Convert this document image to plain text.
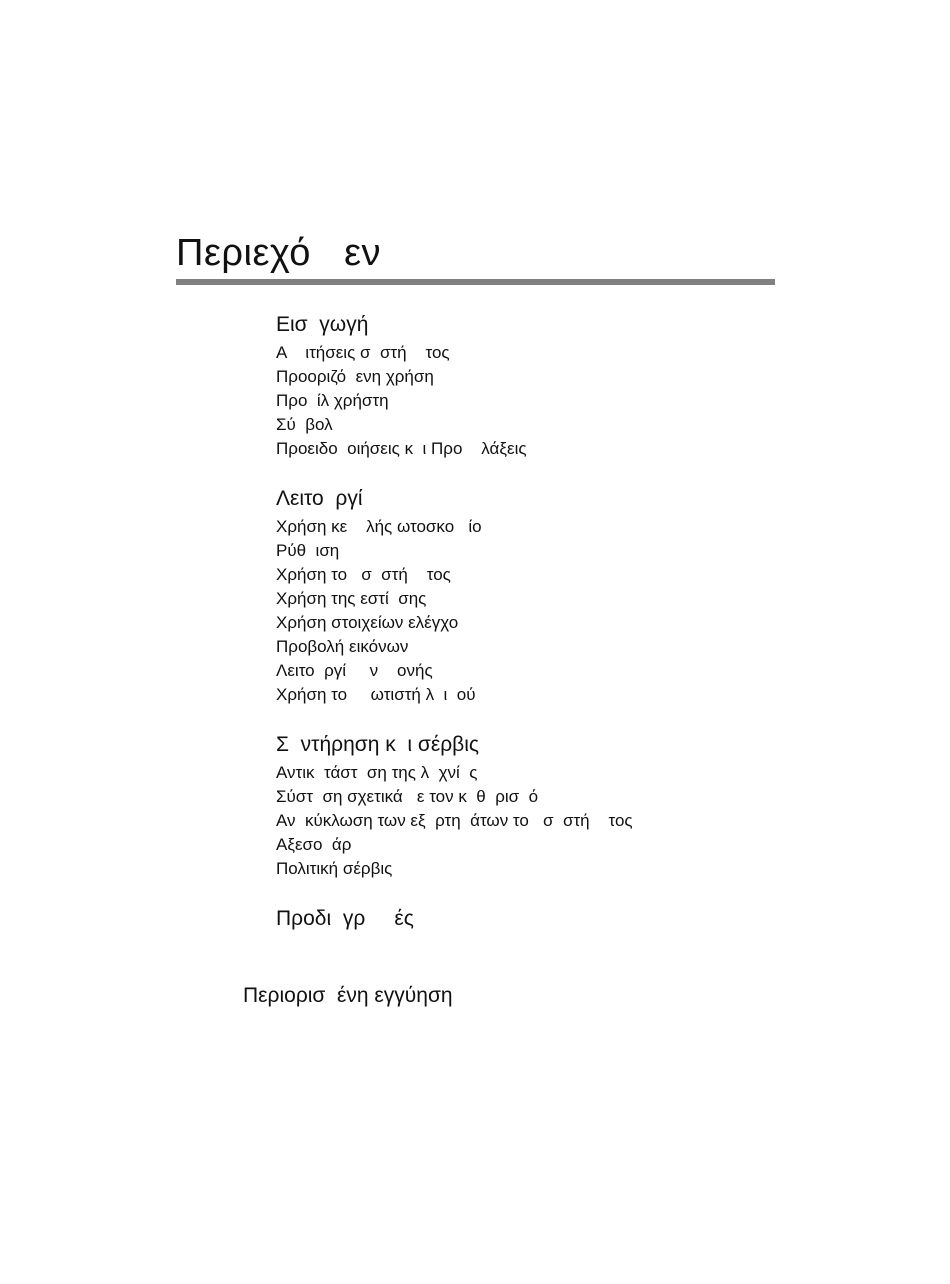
Περιεχό   εν
Εισ  γωγή
Α    ιτήσεις σ  στή    τος
Προοριζό  ενη χρήση
Προ  ίλ χρήστη
Σύ  βολ
Προειδο  οιήσεις κ  ι Προ    λάξεις
Λειτο  ργί
Χρήση κε    λής ωτοσκο   ίο
Ρύθ  ιση
Χρήση το   σ  στή    τος
Χρήση της εστί  σης
Χρήση στοιχείων ελέγχο
Προβολή εικόνων
Λειτο  ργί     ν    ονής
Χρήση το     ωτιστή λ  ι  ού
Σ  ντήρηση κ  ι σέρβις
Αντικ  τάστ  ση της λ  χνί  ς
Σύστ  ση σχετικά   ε τον κ  θ  ρισ  ό
Αν  κύκλωση των εξ  ρτη  άτων το   σ  στή    τος
Αξεσο  άρ
Πολιτική σέρβις
Προδι  γρ     ές
Περιορισ  ένη εγγύηση
